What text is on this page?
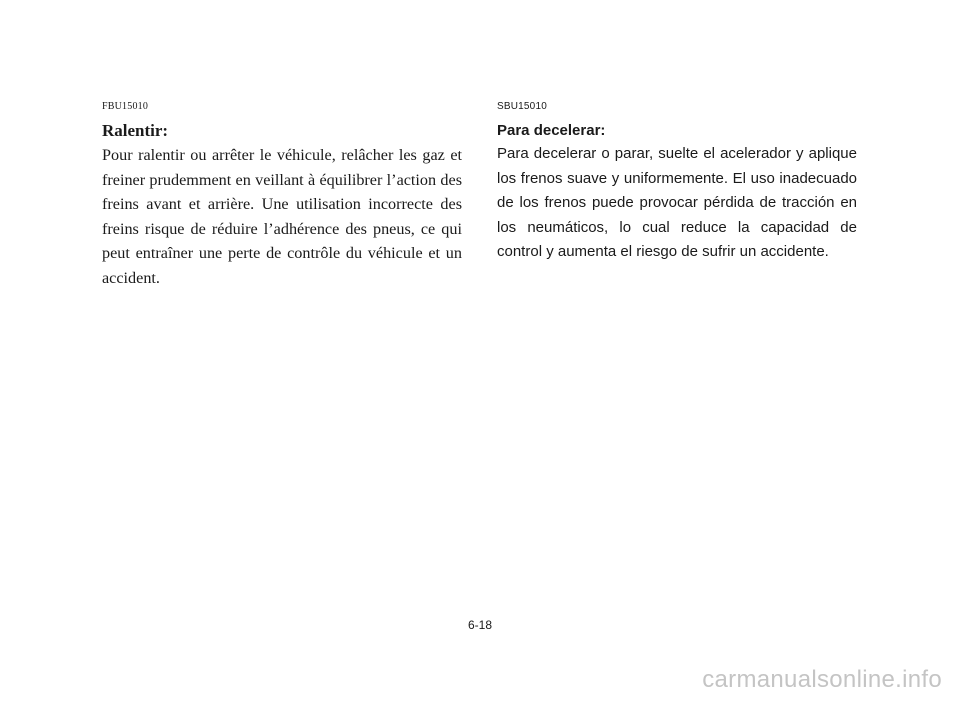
FBU15010

Ralentir:

Pour ralentir ou arrêter le véhicule, relâcher les gaz et freiner prudemment en veillant à équilibrer l’action des freins avant et arrière. Une utilisation incorrecte des freins risque de réduire l’adhérence des pneus, ce qui peut entraîner une perte de contrôle du véhicule et un accident.

SBU15010

Para decelerar:

Para decelerar o parar, suelte el acelerador y aplique los frenos suave y uniformemente. El uso inadecuado de los frenos puede provocar pérdida de tracción en los neumáticos, lo cual reduce la capacidad de control y aumenta el riesgo de sufrir un accidente.

6-18
carmanualsonline.info
